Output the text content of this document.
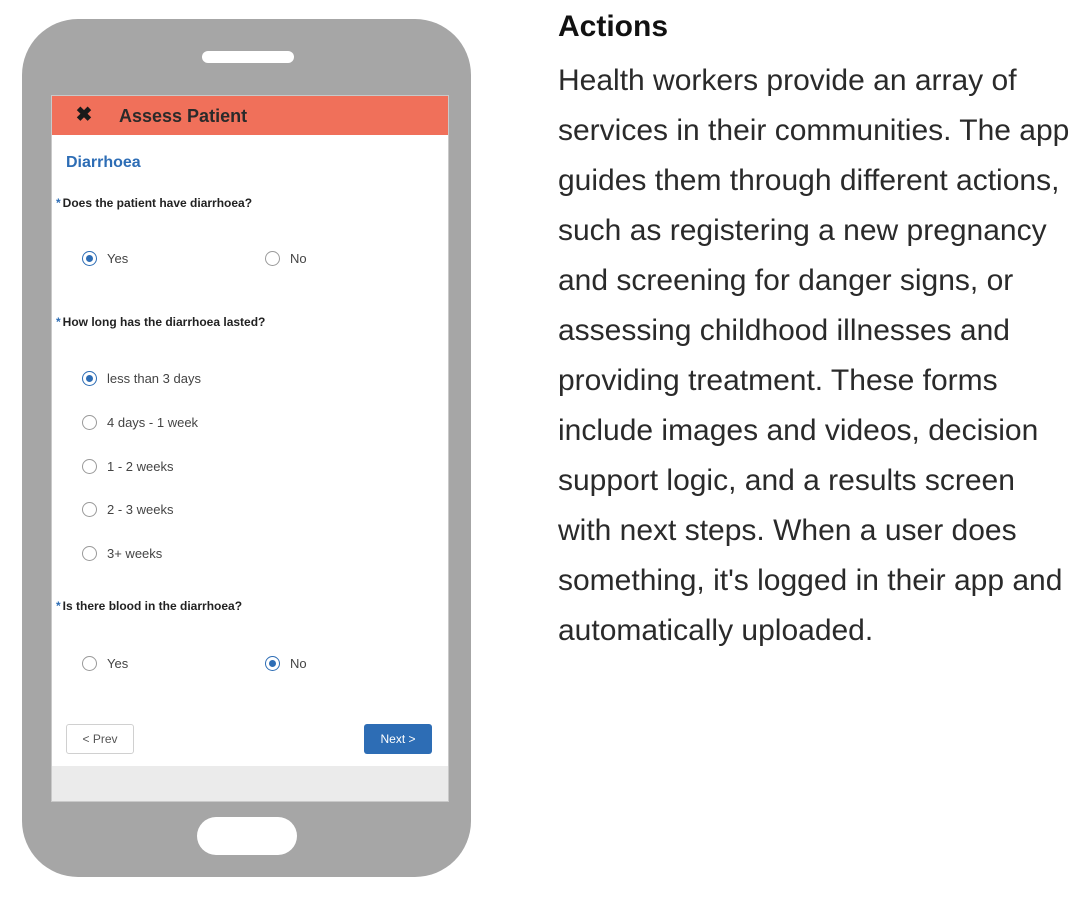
✖ Assess Patient
Diarrhoea
* Does the patient have diarrhoea?
Yes	No
* How long has the diarrhoea lasted?
less than 3 days
4 days - 1 week
1 - 2 weeks
2 - 3 weeks
3+ weeks
* Is there blood in the diarrhoea?
Yes	No
< Prev	Next >
Actions

Health workers provide an array of services in their communities. The app guides them through different actions, such as registering a new pregnancy and screening for danger signs, or assessing childhood illnesses and providing treatment. These forms include images and videos, decision support logic, and a results screen with next steps. When a user does something, it's logged in their app and automatically uploaded.
